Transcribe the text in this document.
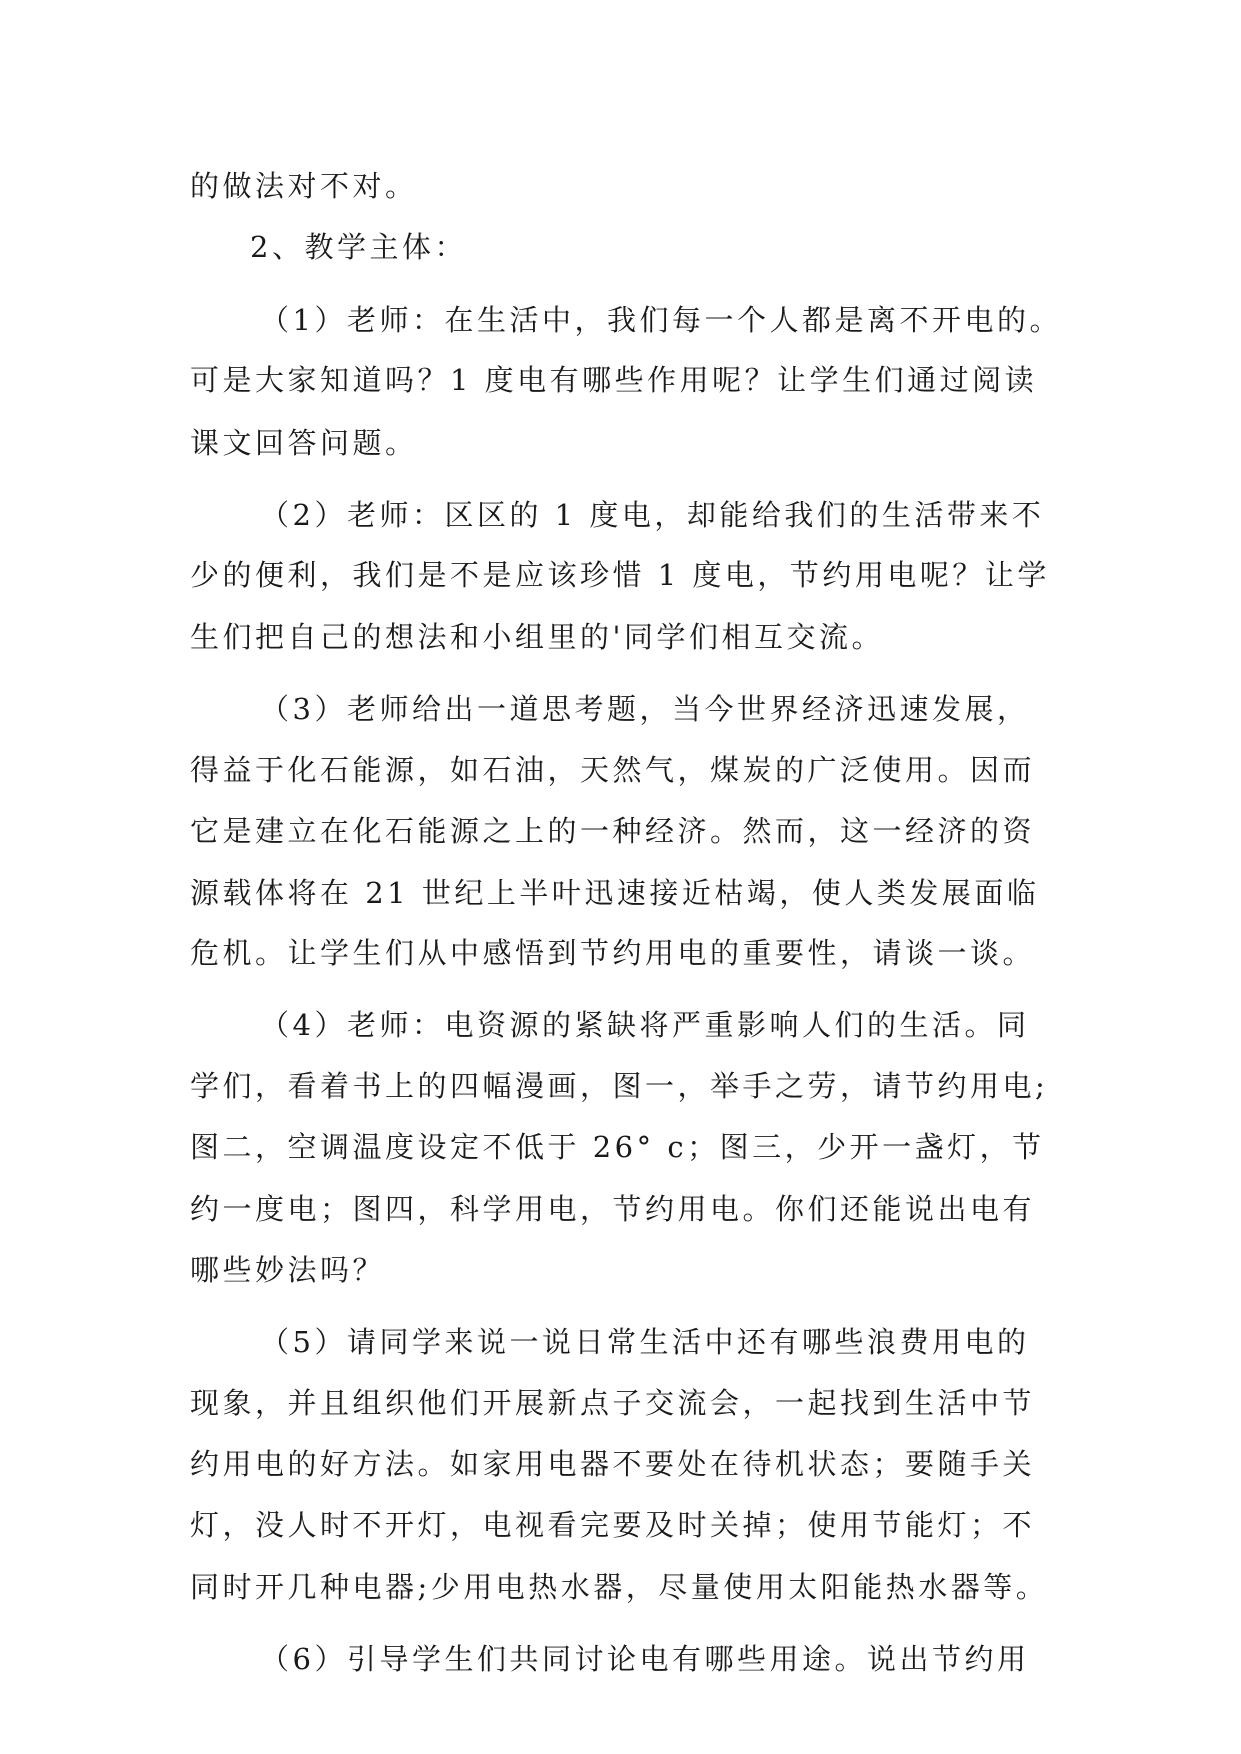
的做法对不对。
2、教学主体：
（1）老师：在生活中，我们每一个人都是离不开电的。
可是大家知道吗？1 度电有哪些作用呢？让学生们通过阅读
课文回答问题。
（2）老师：区区的 1 度电，却能给我们的生活带来不
少的便利，我们是不是应该珍惜 1 度电，节约用电呢？让学
生们把自己的想法和小组里的'同学们相互交流。
（3）老师给出一道思考题，当今世界经济迅速发展，
得益于化石能源，如石油，天然气，煤炭的广泛使用。因而
它是建立在化石能源之上的一种经济。然而，这一经济的资
源载体将在 21 世纪上半叶迅速接近枯竭，使人类发展面临
危机。让学生们从中感悟到节约用电的重要性，请谈一谈。
（4）老师：电资源的紧缺将严重影响人们的生活。同
学们，看着书上的四幅漫画，图一，举手之劳，请节约用电;
图二，空调温度设定不低于 26° c；图三，少开一盏灯，节
约一度电；图四，科学用电，节约用电。你们还能说出电有
哪些妙法吗？
（5）请同学来说一说日常生活中还有哪些浪费用电的
现象，并且组织他们开展新点子交流会，一起找到生活中节
约用电的好方法。如家用电器不要处在待机状态；要随手关
灯，没人时不开灯，电视看完要及时关掉；使用节能灯；不
同时开几种电器;少用电热水器，尽量使用太阳能热水器等。
（6）引导学生们共同讨论电有哪些用途。说出节约用
